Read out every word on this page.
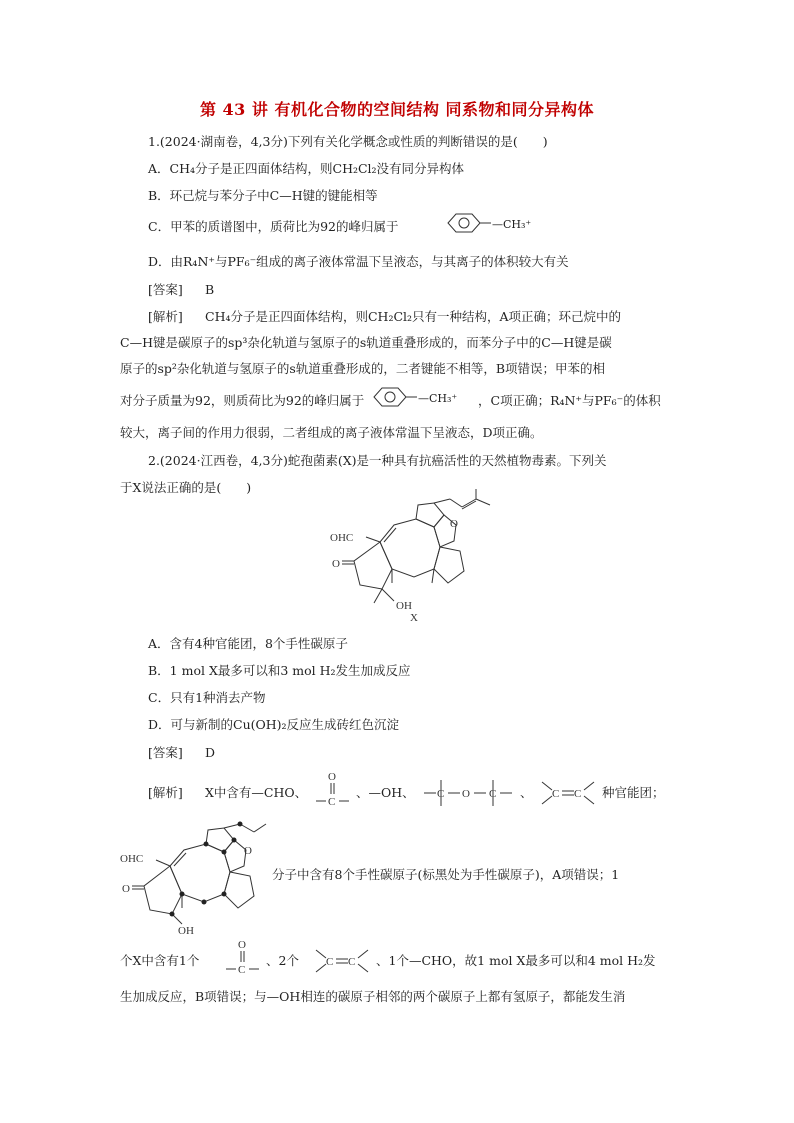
第 43 讲 有机化合物的空间结构 同系物和同分异构体
1.(2024·湖南卷，4,3分)下列有关化学概念或性质的判断错误的是(　　)
A．CH₄分子是正四面体结构，则CH₂Cl₂没有同分异构体
B．环己烷与苯分子中C—H键的键能相等
C．甲苯的质谱图中，质荷比为92的峰归属于	—CH₃⁺
D．由R₄N⁺与PF₆⁻组成的离子液体常温下呈液态，与其离子的体积较大有关
[答案] B
[解析] CH₄分子是正四面体结构，则CH₂Cl₂只有一种结构，A项正确；环己烷中的
C—H键是碳原子的sp³杂化轨道与氢原子的s轨道重叠形成的，而苯分子中的C—H键是碳
原子的sp²杂化轨道与氢原子的s轨道重叠形成的，二者键能不相等，B项错误；甲苯的相
对分子质量为92，则质荷比为92的峰归属于	—CH₃⁺ ，C项正确；R₄N⁺与PF₆⁻的体积
较大，离子间的作用力很弱，二者组成的离子液体常温下呈液态，D项正确。
2.(2024·江西卷，4,3分)蛇孢菌素(X)是一种具有抗癌活性的天然植物毒素。下列关
于X说法正确的是(　　)
OHC
O
O
OH
X
A．含有4种官能团，8个手性碳原子
B．1 mol X最多可以和3 mol H₂发生加成反应
C．只有1种消去产物
D．可与新制的Cu(OH)₂反应生成砖红色沉淀
[答案] D
[解析] X中含有—CHO、
O
C
、—OH、 C O C 、 C C 种官能团；
OHC
O
O
OH
分子中含有8个手性碳原子(标黑处为手性碳原子)，A项错误；1
个X中含有1个
O
C
、2个 C C 、1个—CHO，故1 mol X最多可以和4 mol H₂发
生加成反应，B项错误；与—OH相连的碳原子相邻的两个碳原子上都有氢原子，都能发生消
